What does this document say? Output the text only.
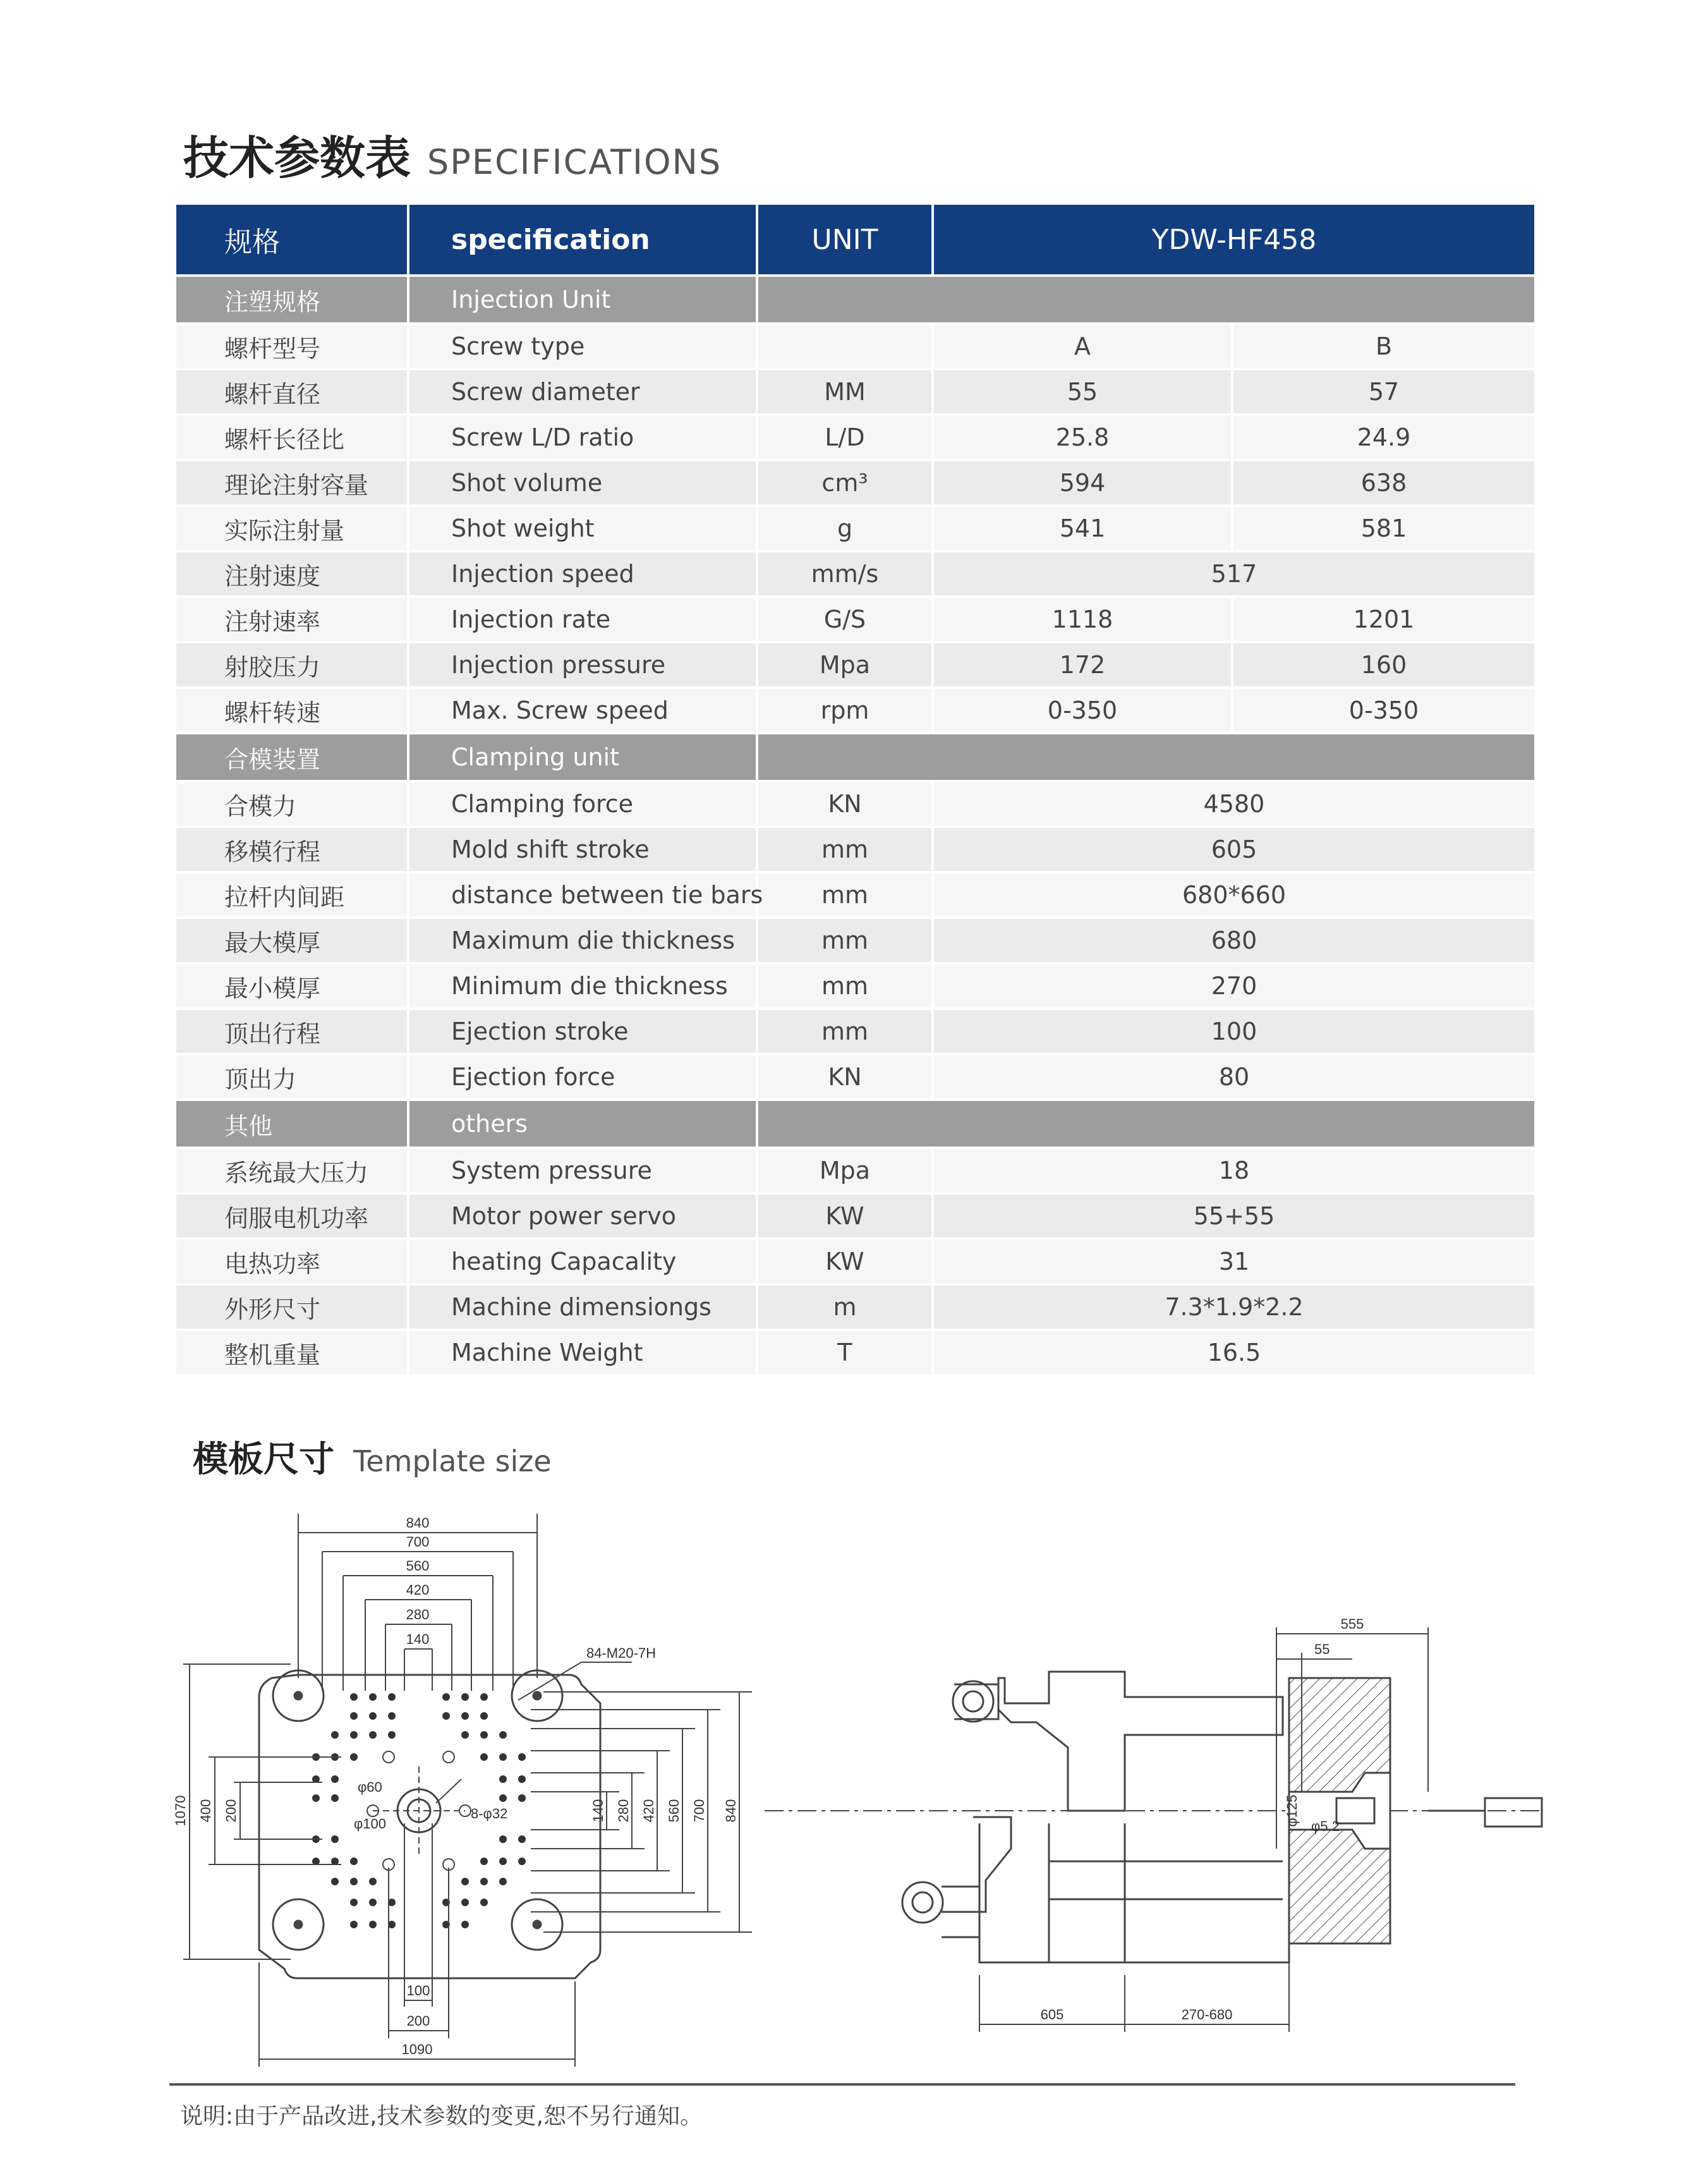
技术参数表 SPECIFICATIONS
规格	specification	UNIT	YDW-HF458	
注塑规格	Injection Unit			
螺杆型号	Screw type		A	B
螺杆直径	Screw diameter	MM	55	57
螺杆长径比	Screw L/D ratio	L/D	25.8	24.9
理论注射容量	Shot volume	cm³	594	638
实际注射量	Shot weight	g	541	581
注射速度	Injection speed	mm/s	517	
注射速率	Injection rate	G/S	1118	1201
射胶压力	Injection pressure	Mpa	172	160
螺杆转速	Max. Screw speed	rpm	0-350	0-350
合模装置	Clamping unit			
合模力	Clamping force	KN	4580	
移模行程	Mold shift stroke	mm	605	
拉杆内间距	distance between tie bars	mm	680*660	
最大模厚	Maximum die thickness	mm	680	
最小模厚	Minimum die thickness	mm	270	
顶出行程	Ejection stroke	mm	100	
顶出力	Ejection force	KN	80	
其他	others			
系统最大压力	System pressure	Mpa	18	
伺服电机功率	Motor power servo	KW	55+55	
电热功率	heating Capacality	KW	31	
外形尺寸	Machine dimensiongs	m	7.3*1.9*2.2	
整机重量	Machine Weight	T	16.5	
模板尺寸 Template size
840
700
560
420
280
140
84-M20-7H
φ60
φ100
8-φ32
100
200
1090
1070 400 200	140 280 420 560 700 840
555
55
605	270-680
φ125 φ5.2
说明:由于产品改进,技术参数的变更,恕不另行通知。
